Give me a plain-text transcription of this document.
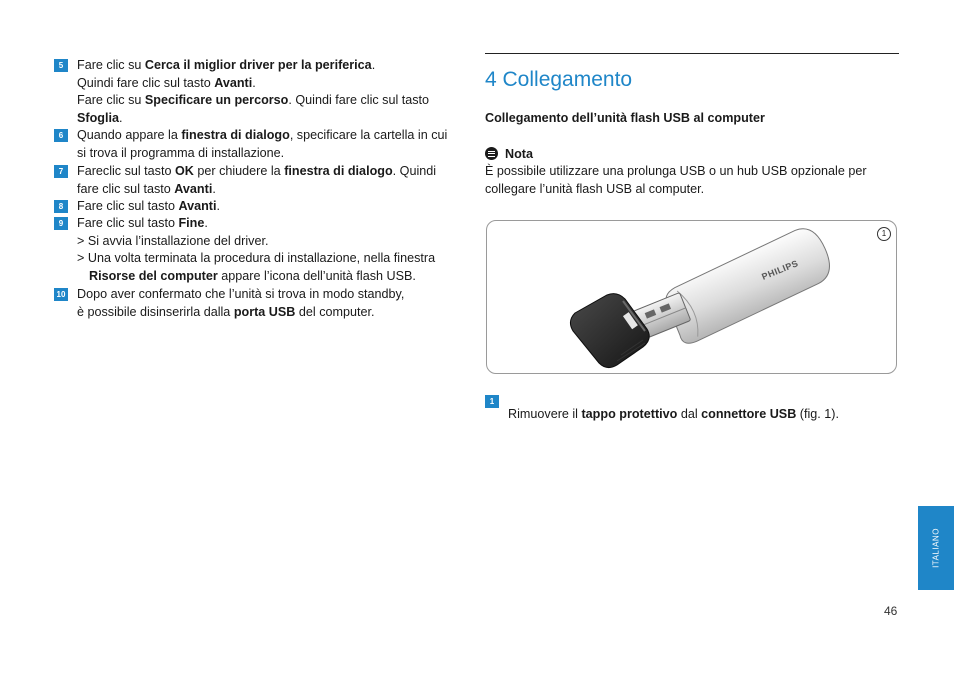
5	Fare clic su Cerca il miglior driver per la periferica.

Quindi fare clic sul tasto Avanti.

Fare clic su Specificare un percorso. Quindi fare clic sul tasto

Sfoglia.

6	Quando appare la finestra di dialogo, specificare la cartella in cui

si trova il programma di installazione.

7	Fareclic sul tasto OK per chiudere la finestra di dialogo. Quindi

fare clic sul tasto Avanti.

8	Fare clic sul tasto Avanti.

9	Fare clic sul tasto Fine.

> Si avvia l’installazione del driver.

> Una volta terminata la procedura di installazione, nella finestra Risorse del computer appare l’icona dell’unità flash USB.

10 Dopo aver confermato che l’unità si trova in modo standby,

è possibile disinserirla dalla porta USB del computer.

4 Collegamento

Collegamento dell’unità flash USB al computer

Nota

È possibile utilizzare una prolunga USB o un hub USB opzionale per collegare l’unità flash USB al computer.

1
PHILIPS
1

Rimuovere il tappo protettivo dal connettore USB (fig. 1).

ITALIANO
46
